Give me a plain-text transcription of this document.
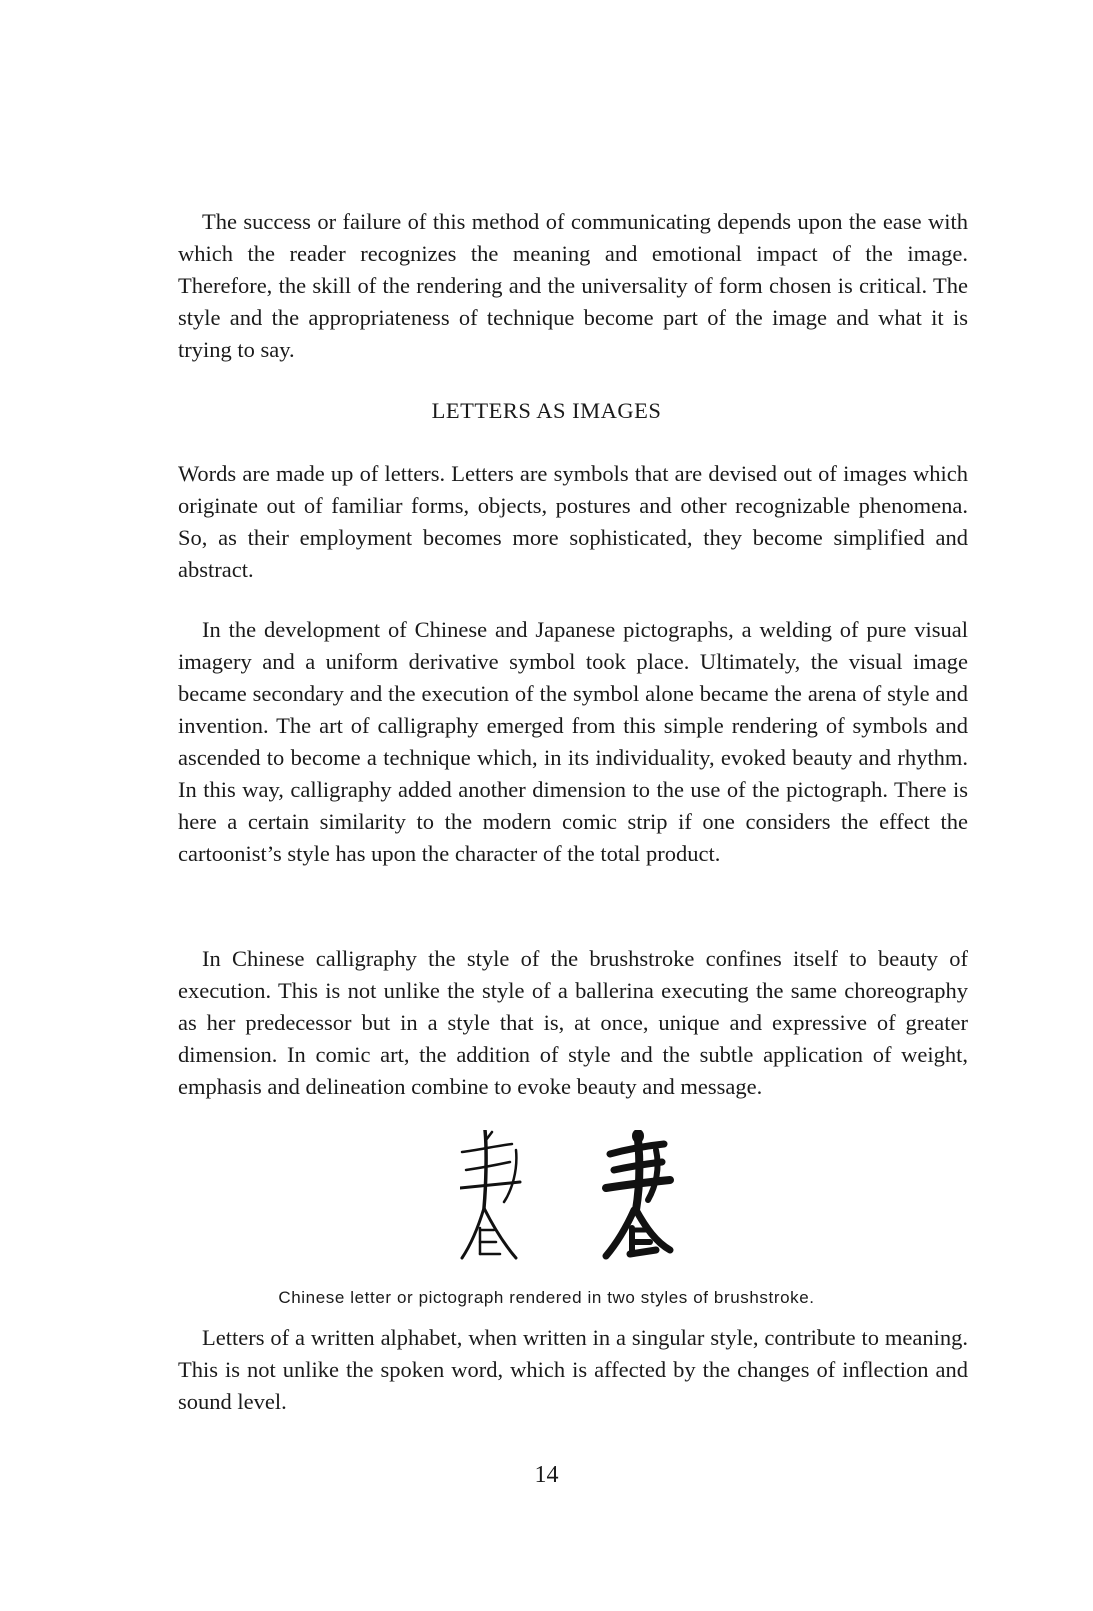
The success or failure of this method of communicating depends upon the ease with which the reader recognizes the meaning and emotional impact of the image. Therefore, the skill of the rendering and the universality of form chosen is critical. The style and the appropriateness of technique become part of the image and what it is trying to say.

LETTERS AS IMAGES

Words are made up of letters. Letters are symbols that are devised out of images which originate out of familiar forms, objects, postures and other recognizable phenomena. So, as their employment becomes more sophisticated, they become simplified and abstract.

In the development of Chinese and Japanese pictographs, a welding of pure visual imagery and a uniform derivative symbol took place. Ultimately, the visual image became secondary and the execution of the symbol alone became the arena of style and invention. The art of calligraphy emerged from this simple rendering of symbols and ascended to become a technique which, in its individuality, evoked beauty and rhythm. In this way, calligraphy added another dimension to the use of the pictograph. There is here a certain similarity to the modern comic strip if one considers the effect the cartoonist’s style has upon the character of the total product.

In Chinese calligraphy the style of the brushstroke confines itself to beauty of execution. This is not unlike the style of a ballerina executing the same choreography as her predecessor but in a style that is, at once, unique and expressive of greater dimension. In comic art, the addition of style and the subtle application of weight, emphasis and delineation combine to evoke beauty and message.

Chinese letter or pictograph rendered in two styles of brushstroke.

Letters of a written alphabet, when written in a singular style, contribute to meaning. This is not unlike the spoken word, which is affected by the changes of inflection and sound level.

14
